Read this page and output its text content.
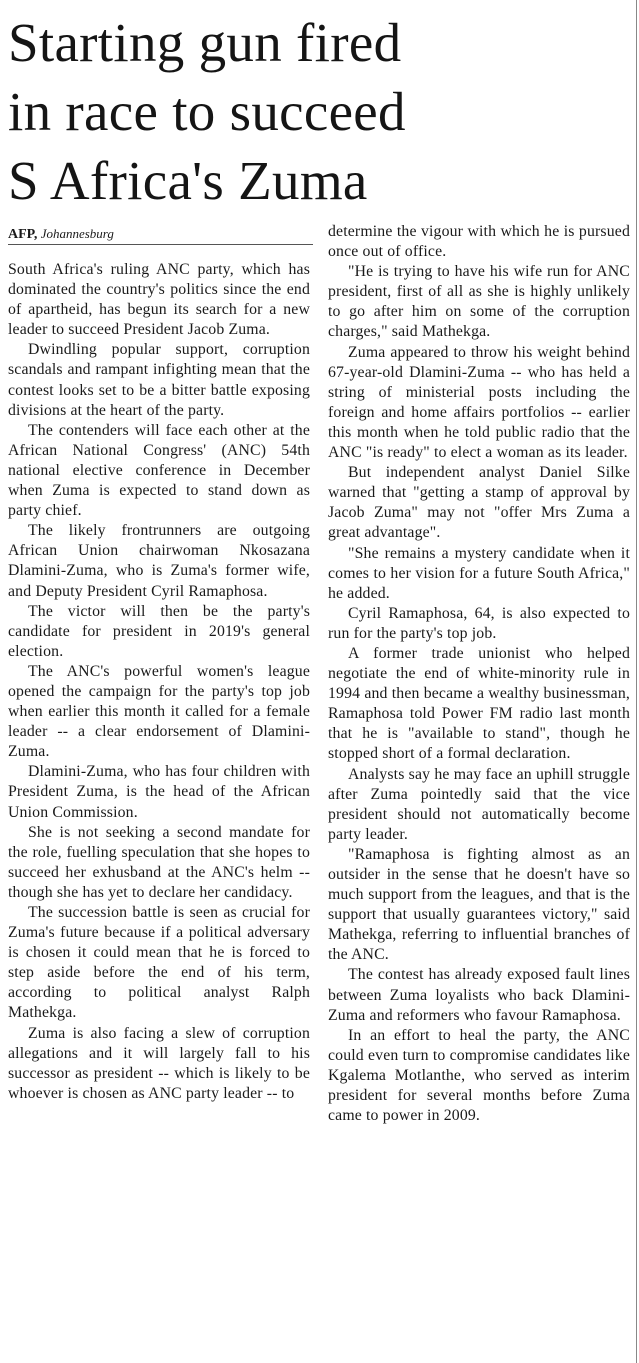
Starting gun fired
in race to succeed
S Africa's Zuma
AFP, Johannesburg

South Africa's ruling ANC party, which has dominated the country's politics since the end of apartheid, has begun its search for a new leader to succeed President Jacob Zuma.

Dwindling popular support, corruption scandals and rampant infighting mean that the contest looks set to be a bitter battle exposing divisions at the heart of the party.

The contenders will face each other at the African National Congress' (ANC) 54th national elective conference in December when Zuma is expected to stand down as party chief.

The likely frontrunners are outgoing African Union chairwoman Nkosazana Dlamini-Zuma, who is Zuma's former wife, and Deputy President Cyril Ramaphosa.

The victor will then be the party's candidate for president in 2019's general election.

The ANC's powerful women's league opened the campaign for the party's top job when earlier this month it called for a female leader -- a clear endorsement of Dlamini-Zuma.

Dlamini-Zuma, who has four children with President Zuma, is the head of the African Union Commission.

She is not seeking a second mandate for the role, fuelling speculation that she hopes to succeed her exhusband at the ANC's helm -- though she has yet to declare her candidacy.

The succession battle is seen as crucial for Zuma's future because if a political adversary is chosen it could mean that he is forced to step aside before the end of his term, according to political analyst Ralph Mathekga.

Zuma is also facing a slew of corruption allegations and it will largely fall to his successor as president -- which is likely to be whoever is chosen as ANC party leader -- to

determine the vigour with which he is pursued once out of office.

"He is trying to have his wife run for ANC president, first of all as she is highly unlikely to go after him on some of the corruption charges," said Mathekga.

Zuma appeared to throw his weight behind 67-year-old Dlamini-Zuma -- who has held a string of ministerial posts including the foreign and home affairs portfolios -- earlier this month when he told public radio that the ANC "is ready" to elect a woman as its leader.

But independent analyst Daniel Silke warned that "getting a stamp of approval by Jacob Zuma" may not "offer Mrs Zuma a great advantage".

"She remains a mystery candidate when it comes to her vision for a future South Africa," he added.

Cyril Ramaphosa, 64, is also expected to run for the party's top job.

A former trade unionist who helped negotiate the end of white-minority rule in 1994 and then became a wealthy businessman, Ramaphosa told Power FM radio last month that he is "available to stand", though he stopped short of a formal declaration.

Analysts say he may face an uphill struggle after Zuma pointedly said that the vice president should not automatically become party leader.

"Ramaphosa is fighting almost as an outsider in the sense that he doesn't have so much support from the leagues, and that is the support that usually guarantees victory," said Mathekga, referring to influential branches of the ANC.

The contest has already exposed fault lines between Zuma loyalists who back Dlamini-Zuma and reformers who favour Ramaphosa.

In an effort to heal the party, the ANC could even turn to compromise candidates like Kgalema Motlanthe, who served as interim president for several months before Zuma came to power in 2009.
